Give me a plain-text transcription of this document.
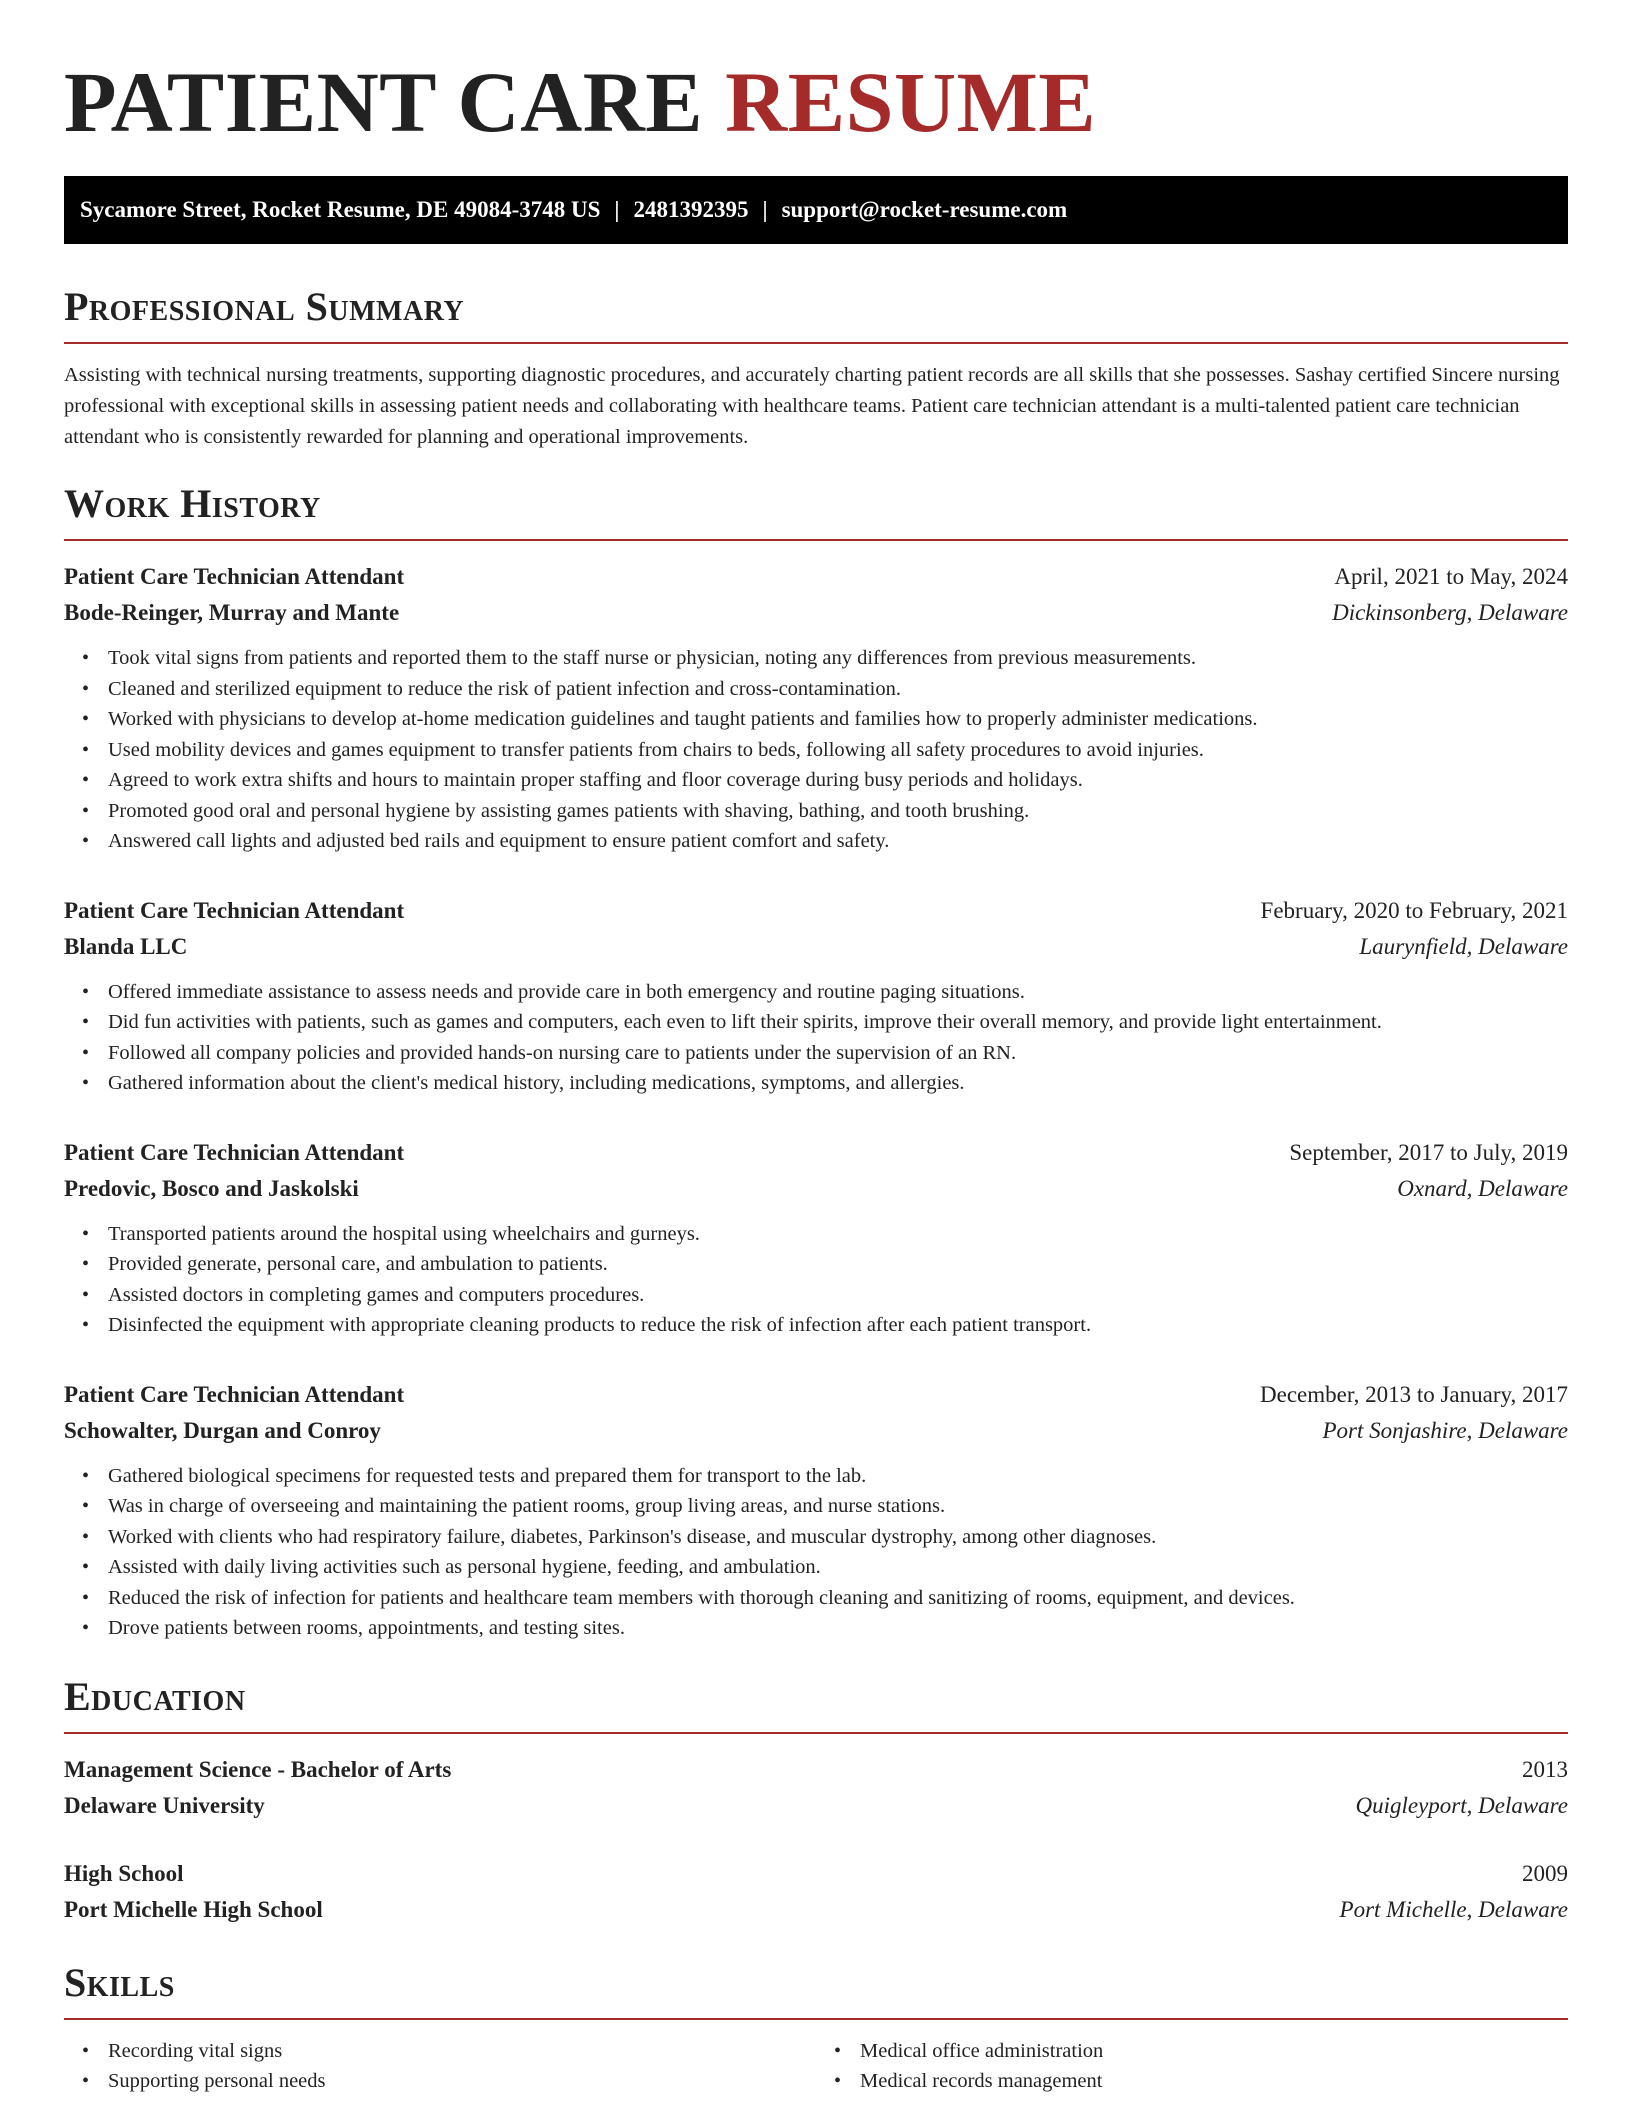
PATIENT CARE RESUME
Sycamore Street, Rocket Resume, DE 49084-3748 US | 2481392395 | support@rocket-resume.com
Professional Summary

Assisting with technical nursing treatments, supporting diagnostic procedures, and accurately charting patient records are all skills that she possesses. Sashay certified Sincere nursing professional with exceptional skills in assessing patient needs and collaborating with healthcare teams. Patient care technician attendant is a multi-talented patient care technician attendant who is consistently rewarded for planning and operational improvements.

Work History
Patient Care Technician Attendant	April, 2021 to May, 2024
Bode-Reinger, Murray and Mante	Dickinsonberg, Delaware
• Took vital signs from patients and reported them to the staff nurse or physician, noting any differences from previous measurements.
• Cleaned and sterilized equipment to reduce the risk of patient infection and cross-contamination.
• Worked with physicians to develop at-home medication guidelines and taught patients and families how to properly administer medications.
• Used mobility devices and games equipment to transfer patients from chairs to beds, following all safety procedures to avoid injuries.
• Agreed to work extra shifts and hours to maintain proper staffing and floor coverage during busy periods and holidays.
• Promoted good oral and personal hygiene by assisting games patients with shaving, bathing, and tooth brushing.
• Answered call lights and adjusted bed rails and equipment to ensure patient comfort and safety.
Patient Care Technician Attendant	February, 2020 to February, 2021
Blanda LLC	Laurynfield, Delaware
• Offered immediate assistance to assess needs and provide care in both emergency and routine paging situations.
• Did fun activities with patients, such as games and computers, each even to lift their spirits, improve their overall memory, and provide light entertainment.
• Followed all company policies and provided hands-on nursing care to patients under the supervision of an RN.
• Gathered information about the client's medical history, including medications, symptoms, and allergies.
Patient Care Technician Attendant	September, 2017 to July, 2019
Predovic, Bosco and Jaskolski	Oxnard, Delaware
• Transported patients around the hospital using wheelchairs and gurneys.
• Provided generate, personal care, and ambulation to patients.
• Assisted doctors in completing games and computers procedures.
• Disinfected the equipment with appropriate cleaning products to reduce the risk of infection after each patient transport.
Patient Care Technician Attendant	December, 2013 to January, 2017
Schowalter, Durgan and Conroy	Port Sonjashire, Delaware
• Gathered biological specimens for requested tests and prepared them for transport to the lab.
• Was in charge of overseeing and maintaining the patient rooms, group living areas, and nurse stations.
• Worked with clients who had respiratory failure, diabetes, Parkinson's disease, and muscular dystrophy, among other diagnoses.
• Assisted with daily living activities such as personal hygiene, feeding, and ambulation.
• Reduced the risk of infection for patients and healthcare team members with thorough cleaning and sanitizing of rooms, equipment, and devices.
• Drove patients between rooms, appointments, and testing sites.
Education
Management Science - Bachelor of Arts	2013
Delaware University	Quigleyport, Delaware
High School	2009
Port Michelle High School	Port Michelle, Delaware
Skills
• Recording vital signs
• Supporting personal needs
• Medical office administration
• Medical records management
